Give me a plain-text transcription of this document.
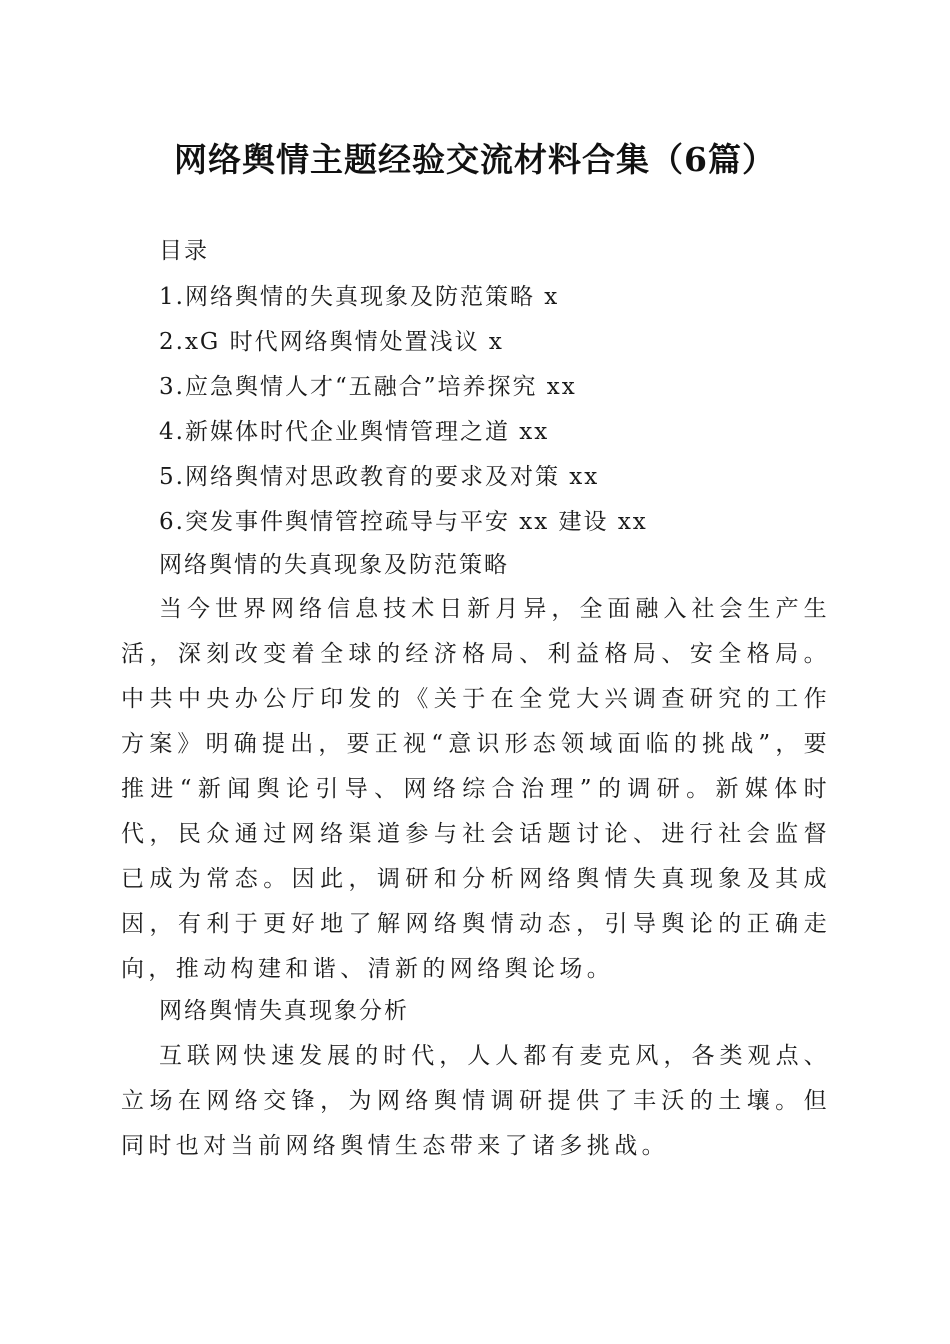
网络舆情主题经验交流材料合集（6篇）
目录
1.网络舆情的失真现象及防范策略 x
2.xG 时代网络舆情处置浅议 x
3.应急舆情人才“五融合”培养探究 xx
4.新媒体时代企业舆情管理之道 xx
5.网络舆情对思政教育的要求及对策 xx
6.突发事件舆情管控疏导与平安 xx 建设 xx
网络舆情的失真现象及防范策略

当今世界网络信息技术日新月异，全面融入社会生产生活，深刻改变着全球的经济格局、利益格局、安全格局。中共中央办公厅印发的《关于在全党大兴调查研究的工作方案》明确提出，要正视“意识形态领域面临的挑战”，要推进“新闻舆论引导、网络综合治理”的调研。新媒体时代，民众通过网络渠道参与社会话题讨论、进行社会监督已成为常态。因此，调研和分析网络舆情失真现象及其成因，有利于更好地了解网络舆情动态，引导舆论的正确走向，推动构建和谐、清新的网络舆论场。

网络舆情失真现象分析

互联网快速发展的时代，人人都有麦克风，各类观点、立场在网络交锋，为网络舆情调研提供了丰沃的土壤。但同时也对当前网络舆情生态带来了诸多挑战。
